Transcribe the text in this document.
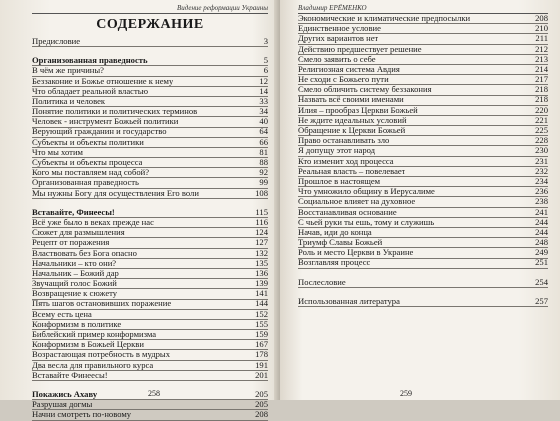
Видение реформации Украины
СОДЕРЖАНИЕ
Предисловие	3
Организованная праведность	5
В чём же причины?	6
Беззаконие и Божье отношение к нему	12
Что обладает реальной властью	14
Политика и человек	33
Понятие политики и политических терминов	34
Человек - инструмент Божьей политики	40
Верующий гражданин и государство	64
Субъекты и объекты политики	66
Что мы хотим	81
Субъекты и объекты процесса	88
Кого мы поставляем над собой?	92
Организованная праведность	99
Мы нужны Богу для осуществления Его воли	108
Вставайте, Финеесы!	115
Всё уже было в веках прежде нас	116
Сюжет для размышления	124
Рецепт от поражения	127
Властвовать без Бога опасно	132
Начальники – кто они?	135
Начальник – Божий дар	136
Звучащий голос Божий	139
Возвращение к сюжету	141
Пять шагов остановивших поражение	144
Всему есть цена	152
Конформизм в политике	155
Библейский пример конформизма	159
Конформизм в Божьей Церкви	167
Возрастающая потребность в мудрых	178
Два весла для правильного курса	191
Вставайте Финеесы!	201
Покажись Ахаву	205
Разрушая догмы	205
Начни смотреть по-новому	208
258
Владимир ЕРЁМЕНКО
Экономические и климатические предпосылки	208
Единственное условие	210
Других вариантов нет	211
Действию предшествует решение	212
Смело заявить о себе	213
Религиозная система Авдия	214
Не сходи с Божьего пути	217
Смело обличить систему беззакония	218
Назвать всё своими именами	218
Илия – прообраз Церкви Божьей	220
Не ждите идеальных условий	221
Обращение к Церкви Божьей	225
Право останавливать зло	228
Я допущу этот народ	230
Кто изменит ход процесса	231
Реальная власть – повелевает	232
Прошлое в настоящем	234
Что умножило общину в Иерусалиме	236
Социальное влияет на духовное	238
Восстанавливая основание	241
С чьей руки ты ешь, тому и служишь	244
Начав, иди до конца	244
Триумф Славы Божьей	248
Роль и место Церкви в Украине	249
Возглавляя процесс	251
Послесловие	254
Использованная литература	257
259
